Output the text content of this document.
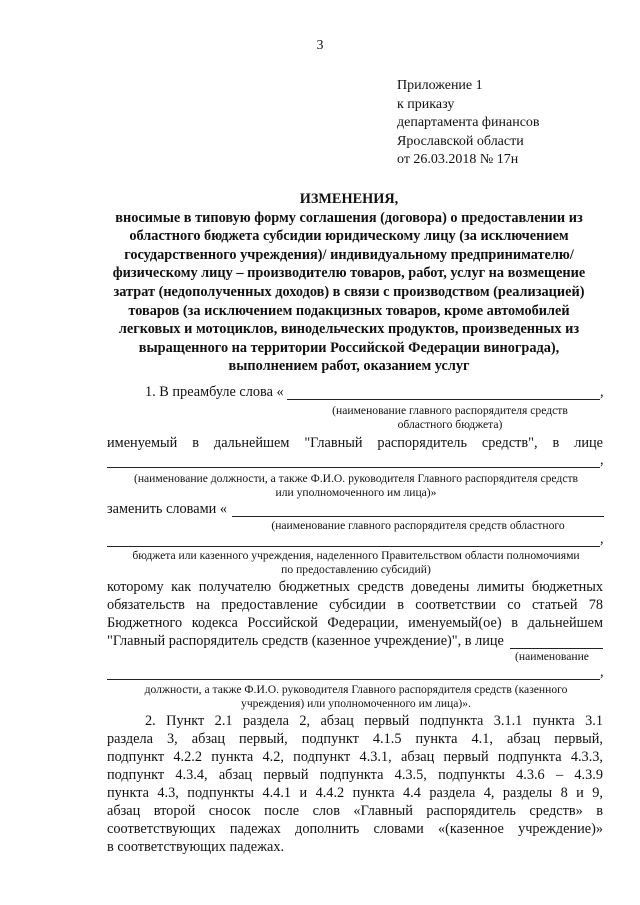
3
Приложение 1
к приказу
департамента финансов
Ярославской области
от 26.03.2018 № 17н
ИЗМЕНЕНИЯ,
вносимые в типовую форму соглашения (договора) о предоставлении из
областного бюджета субсидии юридическому лицу (за исключением
государственного учреждения)/ индивидуальному предпринимателю/
физическому лицу – производителю товаров, работ, услуг на возмещение
затрат (недополученных доходов) в связи с производством (реализацией)
товаров (за исключением подакцизных товаров, кроме автомобилей
легковых и мотоциклов, винодельческих продуктов, произведенных из
выращенного на территории Российской Федерации винограда),
выполнением работ, оказанием услуг
1. В преамбуле слова «	,
(наименование главного распорядителя средств
областного бюджета)
именуемый в дальнейшем "Главный распорядитель средств", в лице
,
(наименование должности, а также Ф.И.О. руководителя Главного распорядителя средств
или уполномоченного им лица)»
заменить словами «
(наименование главного распорядителя средств областного
,
бюджета или казенного учреждения, наделенного Правительством области полномочиями
по предоставлению субсидий)
которому как получателю бюджетных средств доведены лимиты бюджетных
обязательств на предоставление субсидии в соответствии со статьей 78
Бюджетного кодекса Российской Федерации, именуемый(ое) в дальнейшем
"Главный распорядитель средств (казенное учреждение)", в лице
(наименование
,
должности, а также Ф.И.О. руководителя Главного распорядителя средств (казенного
учреждения) или уполномоченного им лица)».
2. Пункт 2.1 раздела 2, абзац первый подпункта 3.1.1 пункта 3.1
раздела 3, абзац первый, подпункт 4.1.5 пункта 4.1, абзац первый,
подпункт 4.2.2 пункта 4.2, подпункт 4.3.1, абзац первый подпункта 4.3.3,
подпункт 4.3.4, абзац первый подпункта 4.3.5, подпункты 4.3.6 – 4.3.9
пункта 4.3, подпункты 4.4.1 и 4.4.2 пункта 4.4 раздела 4, разделы 8 и 9,
абзац второй сносок после слов «Главный распорядитель средств» в
соответствующих падежах дополнить словами «(казенное учреждение)»
в соответствующих падежах.
